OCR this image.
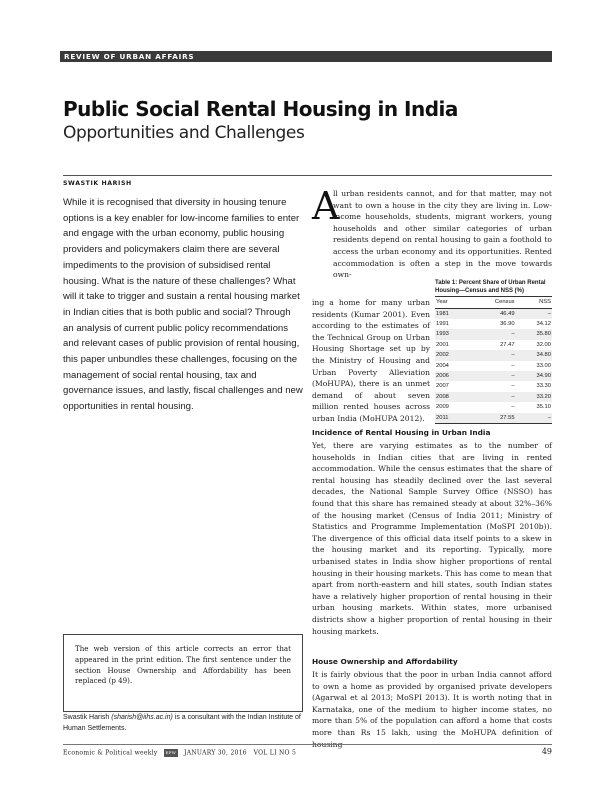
REVIEW OF URBAN AFFAIRS
Public Social Rental Housing in India
Opportunities and Challenges
SWASTIK HARISH
While it is recognised that diversity in housing tenure options is a key enabler for low-income families to enter and engage with the urban economy, public housing providers and policymakers claim there are several impediments to the provision of subsidised rental housing. What is the nature of these challenges? What will it take to trigger and sustain a rental housing market in Indian cities that is both public and social? Through an analysis of current public policy recommendations and relevant cases of public provision of rental housing, this paper unbundles these challenges, focusing on the management of social rental housing, tax and governance issues, and lastly, fiscal challenges and new opportunities in rental housing.
The web version of this article corrects an error that appeared in the print edition. The first sentence under the section House Ownership and Affordability has been replaced (p 49).
Swastik Harish (sharish@iihs.ac.in) is a consultant with the Indian Institute of Human Settlements.
A
ll urban residents cannot, and for that matter, may not want to own a house in the city they are living in. Low-income households, students, migrant workers, young households and other similar categories of urban residents depend on rental housing to gain a foothold to access the urban economy and its opportunities. Rented accommodation is often a step in the move towards own-
ing a home for many urban residents (Kumar 2001). Even according to the estimates of the Technical Group on Urban Housing Shortage set up by the Ministry of Housing and Urban Poverty Alleviation (MoHUPA), there is an unmet demand of about seven million rented houses across urban India (MoHUPA 2012).
Table 1: Percent Share of Urban Rental Housing—Census and NSS (%)
Year	Census	NSS
1981	46.49	–
1991	36.90	34.12
1993	–	35.80
2001	27.47	32.00
2002	–	34.80
2004	–	33.00
2006	–	34.90
2007	–	33.30
2008	–	33.20
2009	–	35.10
2011	27.55	–
Incidence of Rental Housing in Urban India
Yet, there are varying estimates as to the number of households in Indian cities that are living in rented accommodation. While the census estimates that the share of rental housing has steadily declined over the last several decades, the National Sample Survey Office (NSSO) has found that this share has remained steady at about 32%–36% of the housing market (Census of India 2011; Ministry of Statistics and Programme Implementation (MoSPI 2010b)). The divergence of this official data itself points to a skew in the housing market and its reporting. Typically, more urbanised states in India show higher proportions of rental housing in their housing markets. This has come to mean that apart from north-eastern and hill states, south Indian states have a relatively higher proportion of rental housing in their urban housing markets. Within states, more urbanised districts show a higher proportion of rental housing in their housing markets.
House Ownership and Affordability
It is fairly obvious that the poor in urban India cannot afford to own a home as provided by organised private developers (Agarwal et al 2013; MoSPI 2013). It is worth noting that in Karnataka, one of the medium to higher income states, no more than 5% of the population can afford a home that costs more than Rs 15 lakh, using the MoHUPA definition of housing
Economic & Political weekly EPW JANUARY 30, 2016 VOL LI NO 5	49
